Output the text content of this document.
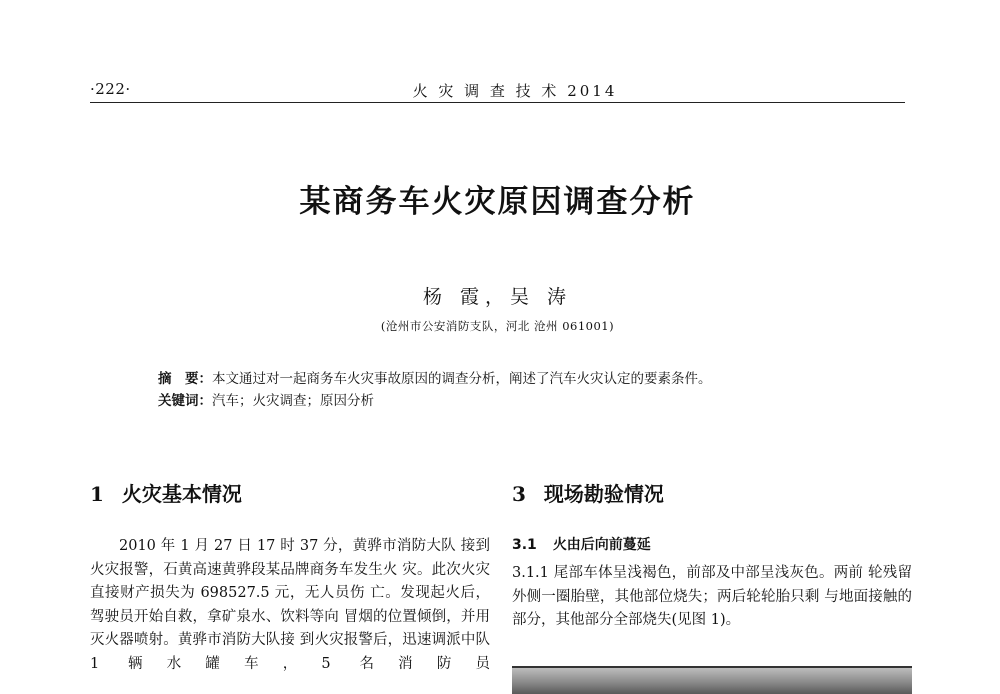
·222·	火 灾 调 查 技 术 2014
某商务车火灾原因调查分析
杨 霞，吴 涛
(沧州市公安消防支队，河北 沧州 061001)
摘　要：本文通过对一起商务车火灾事故原因的调查分析，阐述了汽车火灾认定的要素条件。
关键词：汽车；火灾调查；原因分析
1 火灾基本情况

2010 年 1 月 27 日 17 时 37 分，黄骅市消防大队 接到火灾报警，石黄高速黄骅段某品牌商务车发生火 灾。此次火灾直接财产损失为 698527.5 元，无人员伤 亡。发现起火后，驾驶员开始自救，拿矿泉水、饮料等向 冒烟的位置倾倒，并用灭火器喷射。黄骅市消防大队接 到火灾报警后，迅速调派中队 1 辆水罐车，5 名消防员

3 现场勘验情况
3.1 火由后向前蔓延

3.1.1 尾部车体呈浅褐色，前部及中部呈浅灰色。两前 轮残留外侧一圈胎壁，其他部位烧失；两后轮轮胎只剩 与地面接触的部分，其他部分全部烧失(见图 1)。
